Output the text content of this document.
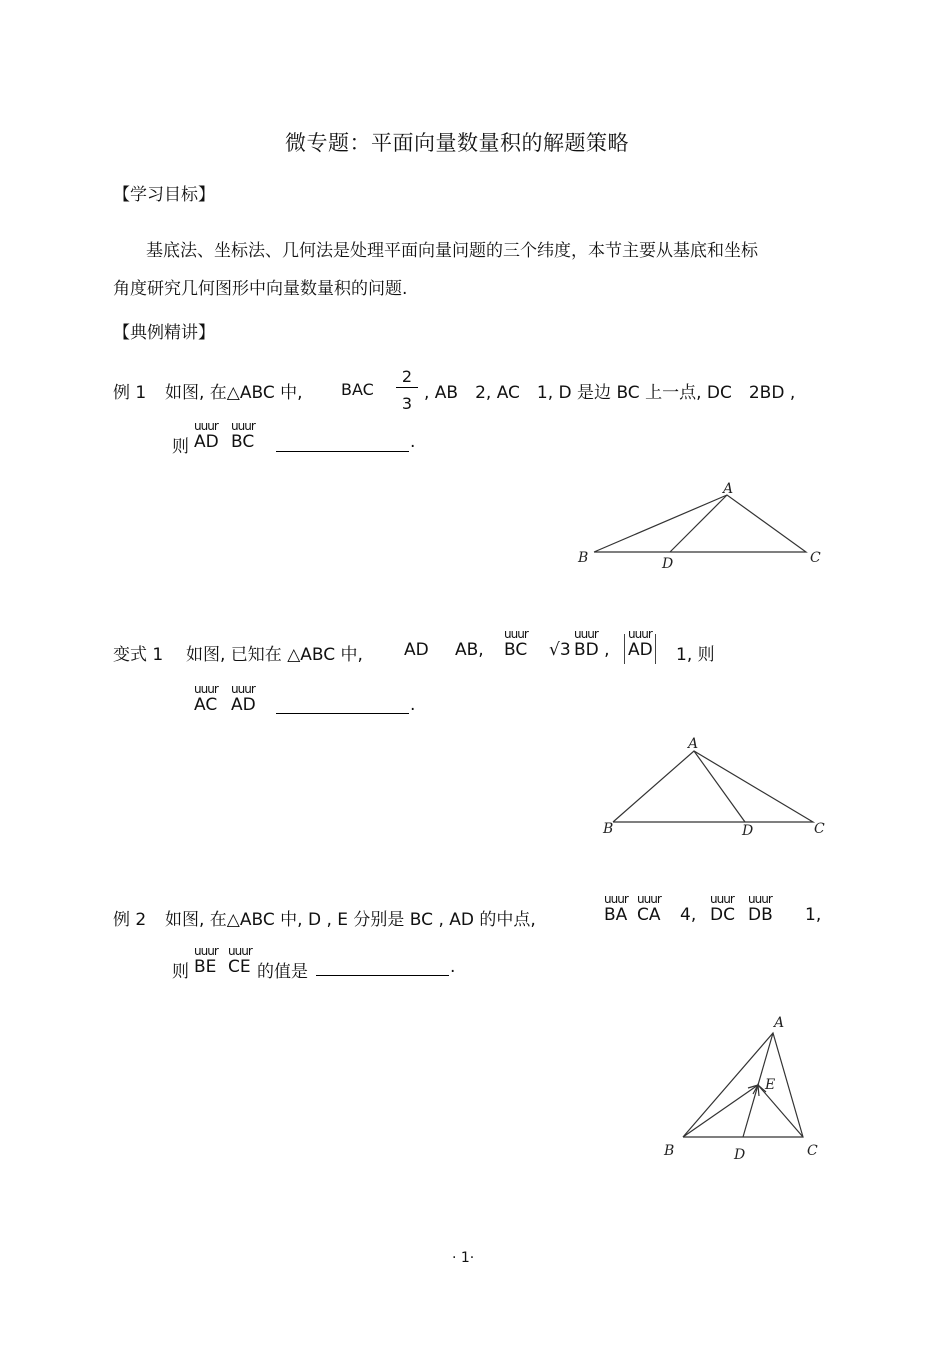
微专题：平面向量数量积的解题策略
【学习目标】
基底法、坐标法、几何法是处理平面向量问题的三个纬度，本节主要从基底和坐标
角度研究几何图形中向量数量积的问题.
【典例精讲】
例 1 如图, 在△ABC 中, BAC
2
3
, AB　2, AC　1, D 是边 BC 上一点, DC　2BD ,
则
uuur
AD
uuur
BC	.
A
B	C
D
变式 1 如图, 已知在 △ABC 中, AD AB,
uuur
BC √3
uuur
BD ,
uuur
AD 1, 则
uuur
AC
uuur
AD	.
A
B	C
D
例 2 如图, 在△ABC 中, D , E 分别是 BC , AD 的中点,
uuur
BA
uuur
CA 4,
uuur
DC
uuur
DB 1,
则
uuur
BE
uuur
CE 的值是	.
A
E
B	C
D
· 1·
